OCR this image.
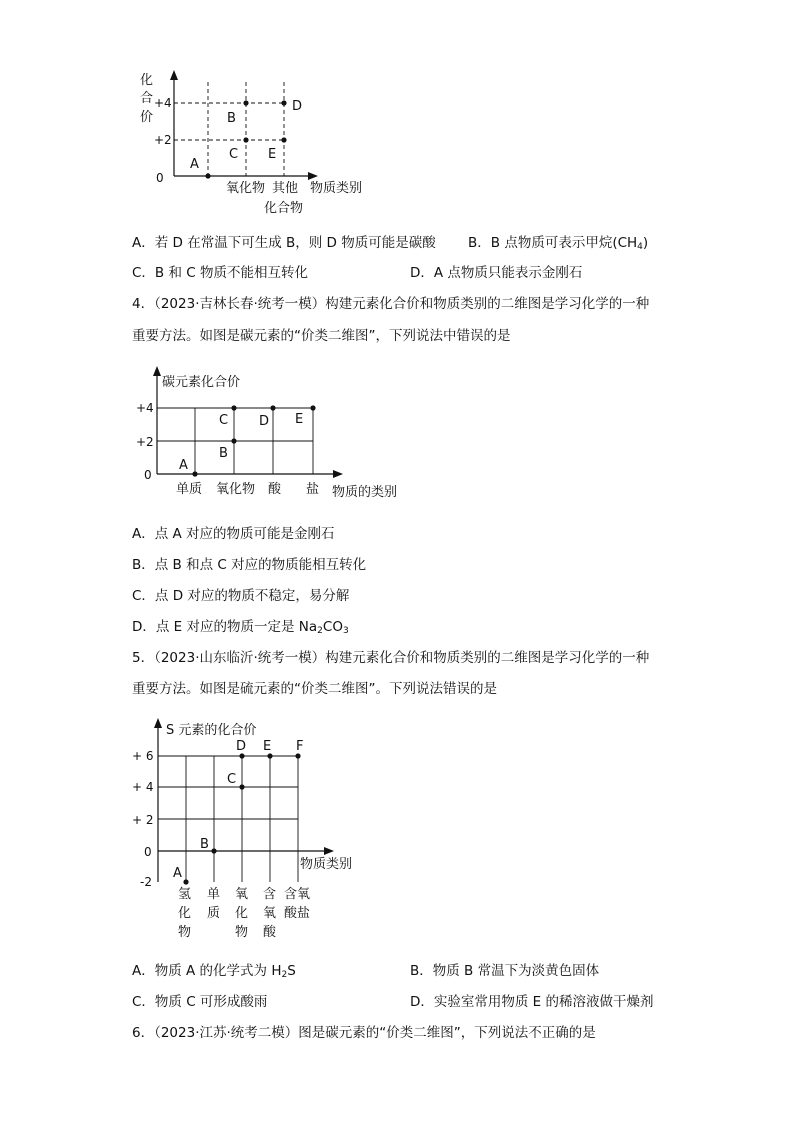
化
合
价
+4
+2
0
A
B
C
D
E
氧化物 其他
化合物
物质类别
A．若 D 在常温下可生成 B，则 D 物质可能是碳酸 B．B 点物质可表示甲烷$(CH_4)$
C．B 和 C 物质不能相互转化	D．A 点物质只能表示金刚石
4．（2023·吉林长春·统考一模）构建元素化合价和物质类别的二维图是学习化学的一种
重要方法。如图是碳元素的“价类二维图”，下列说法中错误的是
碳元素化合价
+4
+2
0
A
B
C D E
单质 氧化物 酸 盐 物质的类别
A．点 A 对应的物质可能是金刚石
B．点 B 和点 C 对应的物质能相互转化
C．点 D 对应的物质不稳定，易分解
D．点 E 对应的物质一定是 $Na_2CO_3$
5．（2023·山东临沂·统考一模）构建元素化合价和物质类别的二维图是学习化学的一种
重要方法。如图是硫元素的“价类二维图”。下列说法错误的是
S 元素的化合价
+ 6
+ 4
+ 2
0
-2
A
B
C
D E F
物质类别
氢
化
物
单
质
氧
化
物
含
氧
酸
含氧
酸盐
A．物质 A 的化学式为 $H_2S$	B．物质 B 常温下为淡黄色固体
C．物质 C 可形成酸雨	D．实验室常用物质 E 的稀溶液做干燥剂
6．（2023·江苏·统考二模）图是碳元素的“价类二维图”，下列说法不正确的是
